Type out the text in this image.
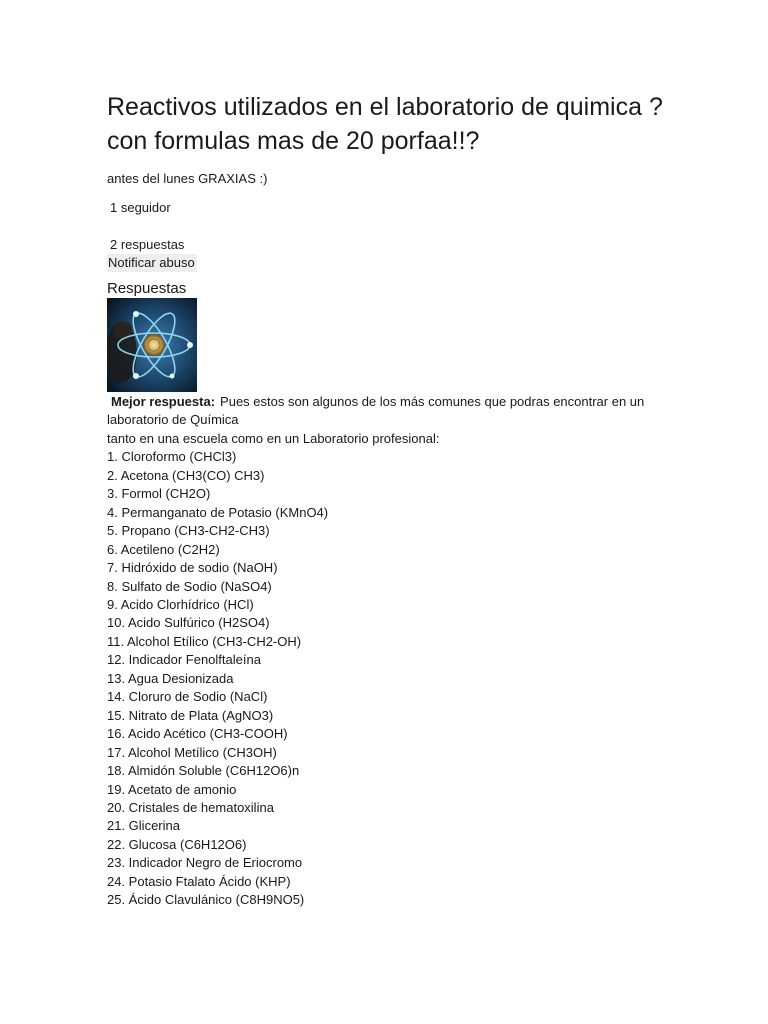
Reactivos utilizados en el laboratorio de quimica ? con formulas mas de 20 porfaa!!?
antes del lunes GRAXIAS :)
1 seguidor
2 respuestas
Notificar abuso
Respuestas
Mejor respuesta: Pues estos son algunos de los más comunes que podras encontrar en un
laboratorio de Química
tanto en una escuela como en un Laboratorio profesional:
1. Cloroformo (CHCl3)
2. Acetona (CH3(CO) CH3)
3. Formol (CH2O)
4. Permanganato de Potasio (KMnO4)
5. Propano (CH3-CH2-CH3)
6. Acetileno (C2H2)
7. Hidróxido de sodio (NaOH)
8. Sulfato de Sodio (NaSO4)
9. Acido Clorhídrico (HCl)
10. Acido Sulfúrico (H2SO4)
11. Alcohol Etílico (CH3-CH2-OH)
12. Indicador Fenolftaleína
13. Agua Desionizada
14. Cloruro de Sodio (NaCl)
15. Nitrato de Plata (AgNO3)
16. Acido Acético (CH3-COOH)
17. Alcohol Metílico (CH3OH)
18. Almidón Soluble (C6H12O6)n
19. Acetato de amonio
20. Cristales de hematoxilina
21. Glicerina
22. Glucosa (C6H12O6)
23. Indicador Negro de Eriocromo
24. Potasio Ftalato Ácido (KHP)
25. Ácido Clavulánico (C8H9NO5)
